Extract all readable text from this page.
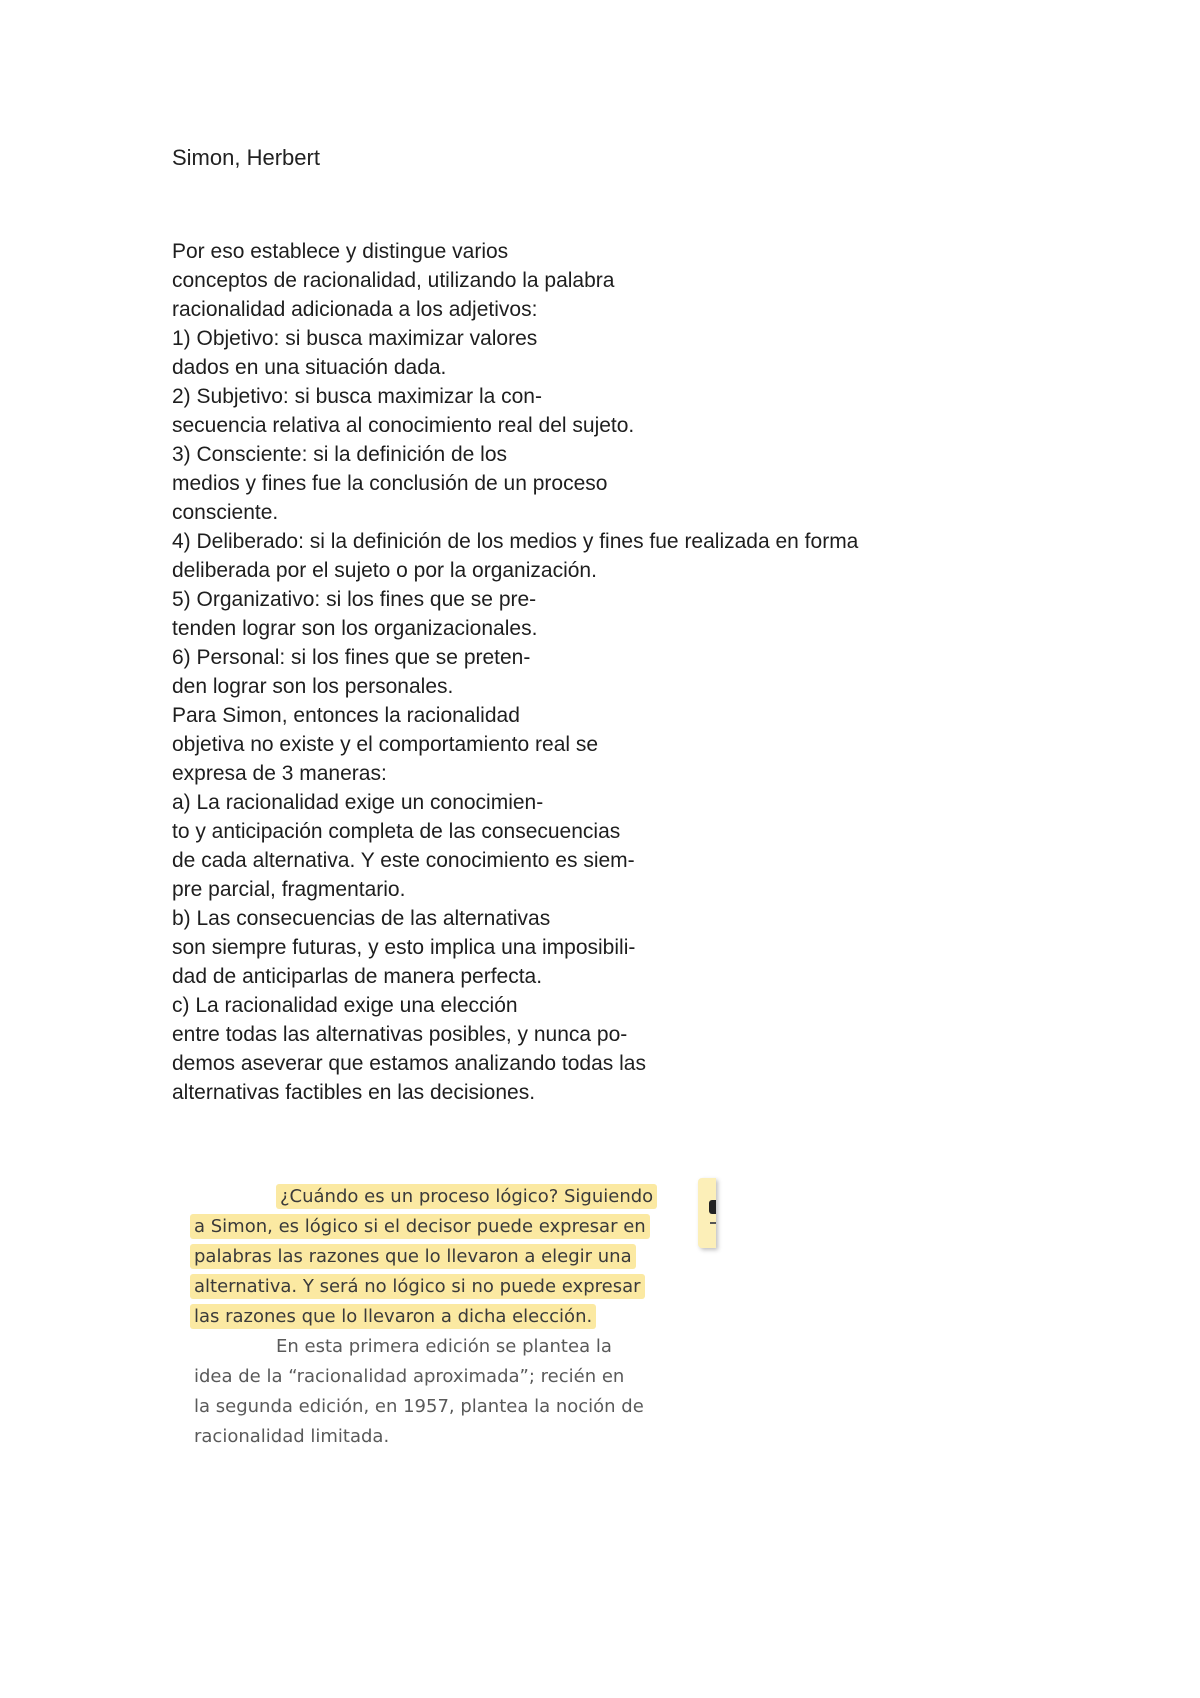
Simon, Herbert

Por eso establece y distingue varios
conceptos de racionalidad, utilizando la palabra
racionalidad adicionada a los adjetivos:
1) Objetivo: si busca maximizar valores
dados en una situación dada.
2) Subjetivo: si busca maximizar la con-
secuencia relativa al conocimiento real del sujeto.
3) Consciente: si la definición de los
medios y fines fue la conclusión de un proceso
consciente.
4) Deliberado: si la definición de los medios y fines fue realizada en forma
deliberada por el sujeto o por la organización.
5) Organizativo: si los fines que se pre-
tenden lograr son los organizacionales.
6) Personal: si los fines que se preten-
den lograr son los personales.
Para Simon, entonces la racionalidad
objetiva no existe y el comportamiento real se
expresa de 3 maneras:
a) La racionalidad exige un conocimien-
to y anticipación completa de las consecuencias
de cada alternativa. Y este conocimiento es siem-
pre parcial, fragmentario.
b) Las consecuencias de las alternativas
son siempre futuras, y esto implica una imposibili-
dad de anticiparlas de manera perfecta.
c) La racionalidad exige una elección
entre todas las alternativas posibles, y nunca po-
demos aseverar que estamos analizando todas las
alternativas factibles en las decisiones.
¿Cuándo es un proceso lógico? Siguiendo
a Simon, es lógico si el decisor puede expresar en
palabras las razones que lo llevaron a elegir una
alternativa. Y será no lógico si no puede expresar
las razones que lo llevaron a dicha elección.
En esta primera edición se plantea la
idea de la “racionalidad aproximada”; recién en
la segunda edición, en 1957, plantea la noción de
racionalidad limitada.
